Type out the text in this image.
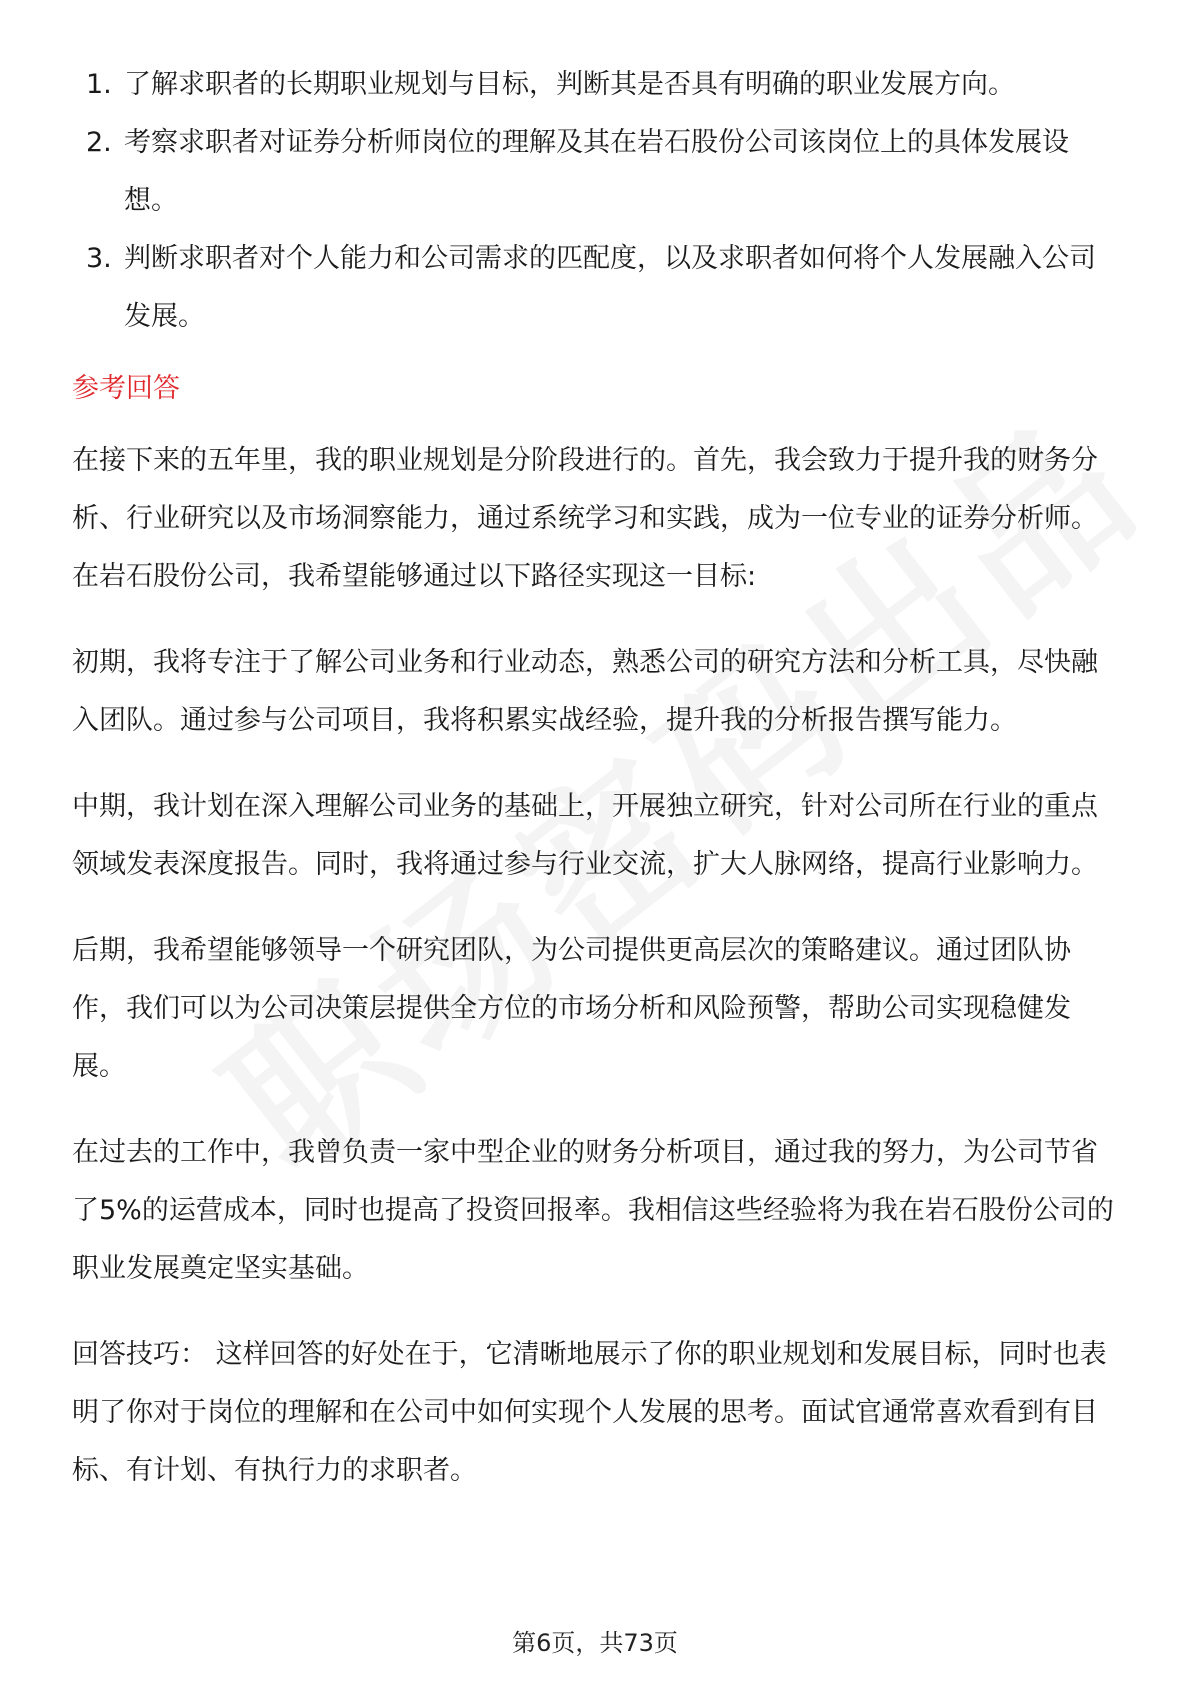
1. 了解求职者的长期职业规划与目标，判断其是否具有明确的职业发展方向。
2. 考察求职者对证券分析师岗位的理解及其在岩石股份公司该岗位上的具体发展设想。
3. 判断求职者对个人能力和公司需求的匹配度，以及求职者如何将个人发展融入公司发展。
参考回答

在接下来的五年里，我的职业规划是分阶段进行的。首先，我会致力于提升我的财务分析、行业研究以及市场洞察能力，通过系统学习和实践，成为一位专业的证券分析师。在岩石股份公司，我希望能够通过以下路径实现这一目标:

初期，我将专注于了解公司业务和行业动态，熟悉公司的研究方法和分析工具，尽快融入团队。通过参与公司项目，我将积累实战经验，提升我的分析报告撰写能力。

中期，我计划在深入理解公司业务的基础上，开展独立研究，针对公司所在行业的重点领域发表深度报告。同时，我将通过参与行业交流，扩大人脉网络，提高行业影响力。

后期，我希望能够领导一个研究团队，为公司提供更高层次的策略建议。通过团队协作，我们可以为公司决策层提供全方位的市场分析和风险预警，帮助公司实现稳健发展。

在过去的工作中，我曾负责一家中型企业的财务分析项目，通过我的努力，为公司节省了5%的运营成本，同时也提高了投资回报率。我相信这些经验将为我在岩石股份公司的职业发展奠定坚实基础。

回答技巧： 这样回答的好处在于，它清晰地展示了你的职业规划和发展目标，同时也表明了你对于岗位的理解和在公司中如何实现个人发展的思考。面试官通常喜欢看到有目标、有计划、有执行力的求职者。

第6页，共73页
